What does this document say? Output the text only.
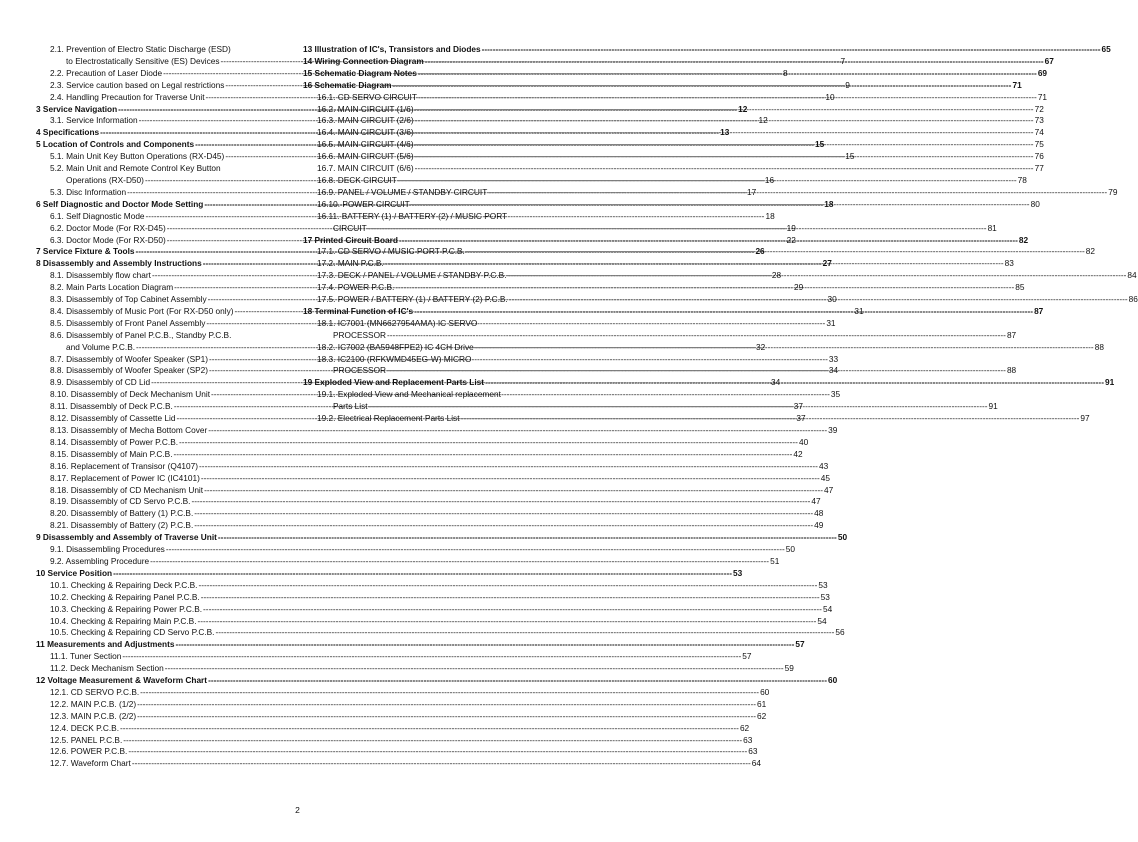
2.1. Prevention of Electro Static Discharge (ESD)
to Electrostatically Sensitive (ES) Devices -----	7
2.2. Precaution of Laser Diode -----	8
2.3. Service caution based on Legal restrictions -----	9
2.4. Handling Precaution for Traverse Unit -----	10
3 Service Navigation -----	12
3.1. Service Information -----	12
4 Specifications -----	13
5 Location of Controls and Components -----	15
5.1. Main Unit Key Button Operations (RX-D45) -----	15
5.2. Main Unit and Remote Control Key Button
Operations (RX-D50) -----	16
5.3. Disc Information -----	17
6 Self Diagnostic and Doctor Mode Setting -----	18
6.1. Self Diagnostic Mode -----	18
6.2. Doctor Mode (For RX-D45) -----	19
6.3. Doctor Mode (For RX-D50) -----	22
7 Service Fixture & Tools -----	26
8 Disassembly and Assembly Instructions -----	27
8.1. Disassembly flow chart -----	28
8.2. Main Parts Location Diagram -----	29
8.3. Disassembly of Top Cabinet Assembly -----	30
8.4. Disassembly of Music Port (For RX-D50 only) -----	31
8.5. Disassembly of Front Panel Assembly -----	31
8.6. Disassembly of Panel P.C.B., Standby P.C.B.
and Volume P.C.B. -----	32
8.7. Disassembly of Woofer Speaker (SP1) -----	33
8.8. Disassembly of Woofer Speaker (SP2) -----	34
8.9. Disassembly of CD Lid -----	34
8.10. Disassembly of Deck Mechanism Unit -----	35
8.11. Disassembly of Deck P.C.B. -----	37
8.12. Disassembly of Cassette Lid -----	37
8.13. Disassembly of Mecha Bottom Cover -----	39
8.14. Disassembly of Power P.C.B. -----	40
8.15. Disassembly of Main P.C.B. -----	42
8.16. Replacement of Transisor (Q4107) -----	43
8.17. Replacement of Power IC (IC4101) -----	45
8.18. Disassembly of CD Mechanism Unit -----	47
8.19. Disassembly of CD Servo P.C.B. -----	47
8.20. Disassembly of Battery (1) P.C.B. -----	48
8.21. Disassembly of Battery (2) P.C.B. -----	49
9 Disassembly and Assembly of Traverse Unit -----	50
9.1. Disassembling Procedures -----	50
9.2. Assembling Procedure -----	51
10 Service Position -----	53
10.1. Checking & Repairing Deck P.C.B. -----	53
10.2. Checking & Repairing Panel P.C.B. -----	53
10.3. Checking & Repairing Power P.C.B. -----	54
10.4. Checking & Repairing Main P.C.B. -----	54
10.5. Checking & Repairing CD Servo P.C.B. -----	56
11 Measurements and Adjustments -----	57
11.1. Tuner Section -----	57
11.2. Deck Mechanism Section -----	59
12 Voltage Measurement & Waveform Chart -----	60
12.1. CD SERVO P.C.B. -----	60
12.2. MAIN P.C.B. (1/2) -----	61
12.3. MAIN P.C.B. (2/2) -----	62
12.4. DECK P.C.B. -----	62
12.5. PANEL P.C.B. -----	63
12.6. POWER P.C.B. -----	63
12.7. Waveform Chart -----	64
13 Illustration of IC's, Transistors and Diodes -----	65
14 Wiring Connection Diagram -----	67
15 Schematic Diagram Notes -----	69
16 Schematic Diagram -----	71
16.1. CD SERVO CIRCUIT -----	71
16.2. MAIN CIRCUIT (1/6) -----	72
16.3. MAIN CIRCUIT (2/6) -----	73
16.4. MAIN CIRCUIT (3/6) -----	74
16.5. MAIN CIRCUIT (4/6) -----	75
16.6. MAIN CIRCUIT (5/6) -----	76
16.7. MAIN CIRCUIT (6/6) -----	77
16.8. DECK CIRCUIT -----	78
16.9. PANEL / VOLUME / STANDBY CIRCUIT -----	79
16.10. POWER CIRCUIT -----	80
16.11. BATTERY (1) / BATTERY (2) / MUSIC PORT
CIRCUIT -----	81
17 Printed Circuit Board -----	82
17.1. CD SERVO / MUSIC PORT P.C.B. -----	82
17.2. MAIN P.C.B. -----	83
17.3. DECK / PANEL / VOLUME / STANDBY P.C.B. -----	84
17.4. POWER P.C.B. -----	85
17.5. POWER / BATTERY (1) / BATTERY (2) P.C.B. -----	86
18 Terminal Function of IC's -----	87
18.1. IC7001 (MN6627954AMA) IC SERVO
PROCESSOR -----	87
18.2. IC7002 (BA5948FPE2) IC 4CH Drive -----	88
18.3. IC2100 (RFKWMD45EG-W) MICRO
PROCESSOR -----	88
19 Exploded View and Replacement Parts List -----	91
19.1. Exploded View and Mechanical replacement
Parts List -----	91
19.2. Electrical Replacement Parts List -----	97
2
